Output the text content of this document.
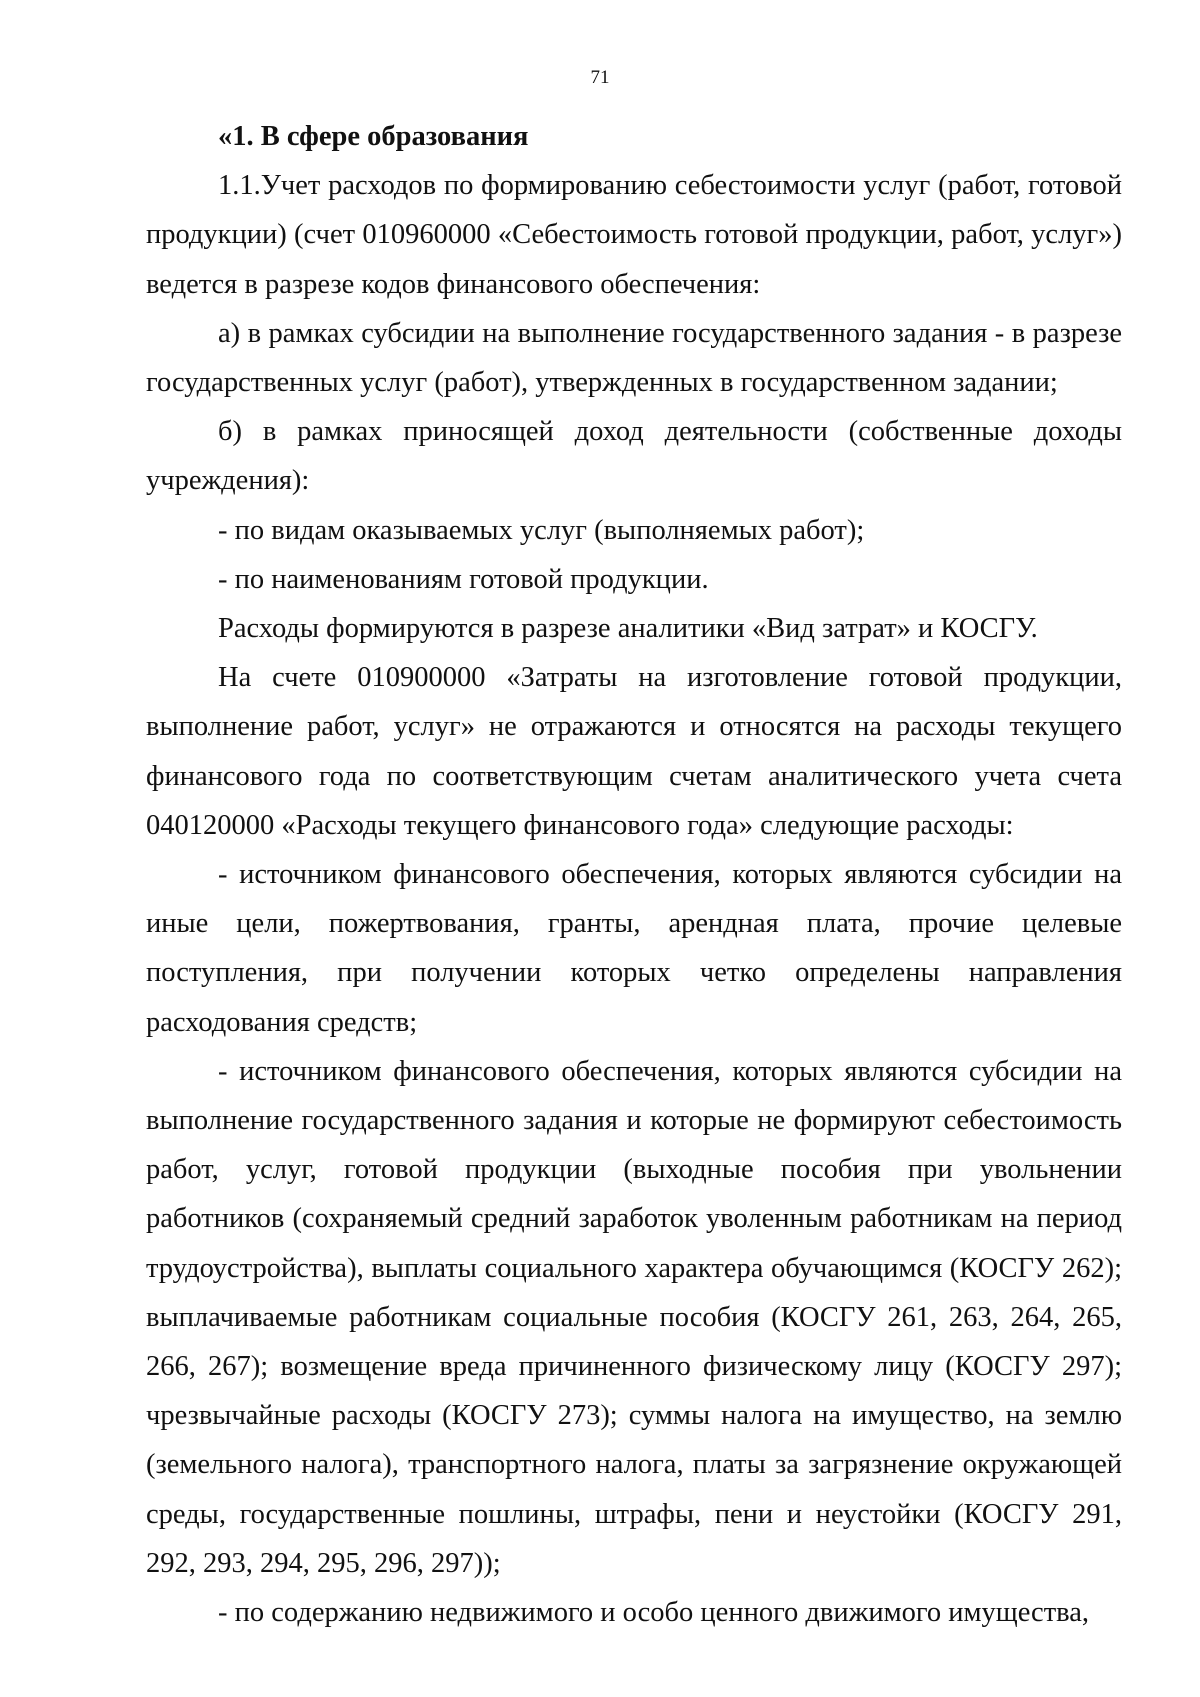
71

«1. В сфере образования

1.1.Учет расходов по формированию себестоимости услуг (работ, готовой продукции) (счет 010960000 «Себестоимость готовой продукции, работ, услуг») ведется в разрезе кодов финансового обеспечения:

а) в рамках субсидии на выполнение государственного задания - в разрезе государственных услуг (работ), утвержденных в государственном задании;

б) в рамках приносящей доход деятельности (собственные доходы учреждения):

- по видам оказываемых услуг (выполняемых работ);

- по наименованиям готовой продукции.

Расходы формируются в разрезе аналитики «Вид затрат» и КОСГУ.

На счете 010900000 «Затраты на изготовление готовой продукции, выполнение работ, услуг» не отражаются и относятся на расходы текущего финансового года по соответствующим счетам аналитического учета счета 040120000 «Расходы текущего финансового года» следующие расходы:

- источником финансового обеспечения, которых являются субсидии на иные цели, пожертвования, гранты, арендная плата, прочие целевые поступления, при получении которых четко определены направления расходования средств;

- источником финансового обеспечения, которых являются субсидии на выполнение государственного задания и которые не формируют себестоимость работ, услуг, готовой продукции (выходные пособия при увольнении работников (сохраняемый средний заработок уволенным работникам на период трудоустройства), выплаты социального характера обучающимся (КОСГУ 262); выплачиваемые работникам социальные пособия (КОСГУ 261, 263, 264, 265, 266, 267); возмещение вреда причиненного физическому лицу (КОСГУ 297); чрезвычайные расходы (КОСГУ 273); суммы налога на имущество, на землю (земельного налога), транспортного налога, платы за загрязнение окружающей среды, государственные пошлины, штрафы, пени и неустойки (КОСГУ 291, 292, 293, 294, 295, 296, 297));

- по содержанию недвижимого и особо ценного движимого имущества,
